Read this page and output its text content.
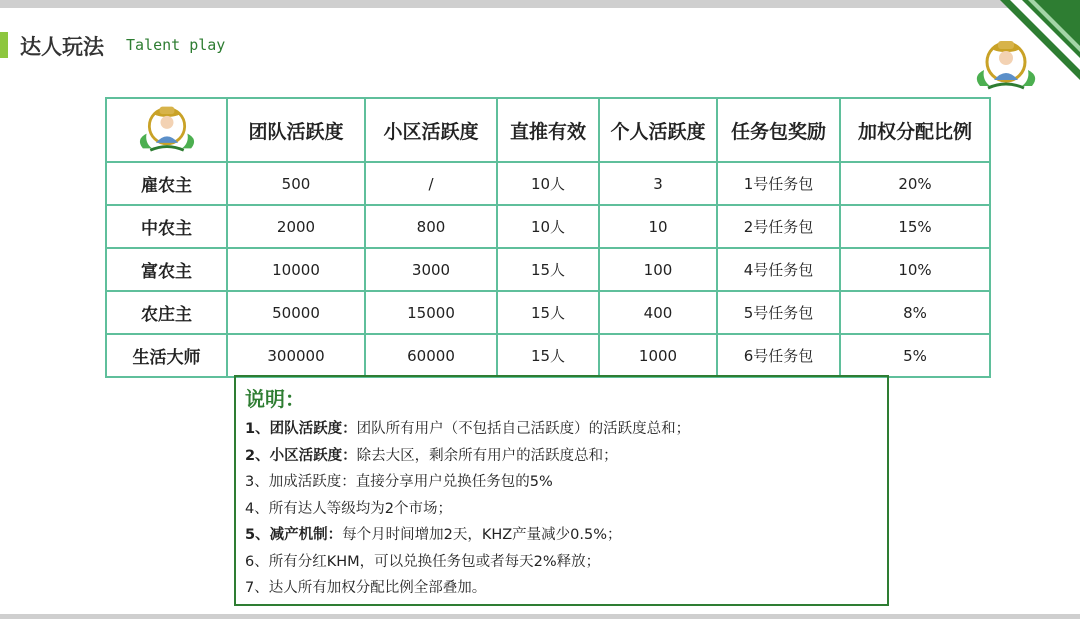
达人玩法 Talent play
	团队活跃度	小区活跃度	直推有效	个人活跃度	任务包奖励	加权分配比例
雇农主	500	/	10人	3	1号任务包	20%
中农主	2000	800	10人	10	2号任务包	15%
富农主	10000	3000	15人	100	4号任务包	10%
农庄主	50000	15000	15人	400	5号任务包	8%
生活大师	300000	60000	15人	1000	6号任务包	5%
说明：
1、团队活跃度：团队所有用户（不包括自己活跃度）的活跃度总和；
2、小区活跃度：除去大区，剩余所有用户的活跃度总和；
3、加成活跃度：直接分享用户兑换任务包的5%
4、所有达人等级均为2个市场；
5、减产机制：每个月时间增加2天，KHZ产量减少0.5%；
6、所有分红KHM，可以兑换任务包或者每天2%释放；
7、达人所有加权分配比例全部叠加。
